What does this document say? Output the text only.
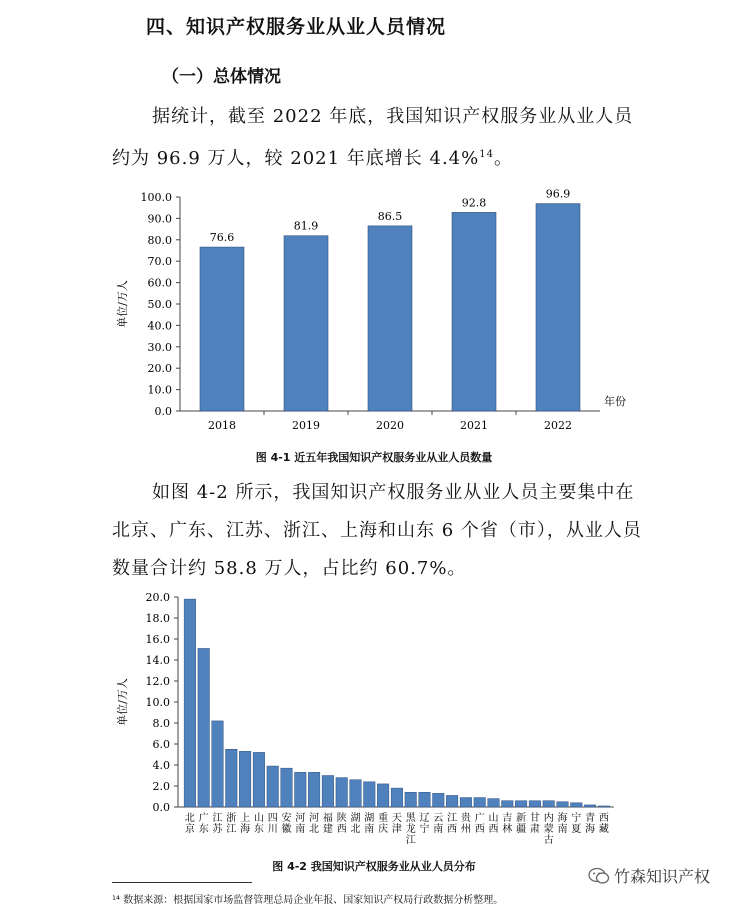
四、知识产权服务业从业人员情况
（一）总体情况
据统计，截至 2022 年底，我国知识产权服务业从业人员约为 96.9 万人，较 2021 年底增长 4.4%$^{14}$。
0.0
10.0
20.0
30.0
40.0
50.0
60.0
70.0
80.0
90.0
100.0
76.6
2018
81.9
2019
86.5
2020
92.8
2021
96.9
2022
年份
单位/万人
图 4-1 近五年我国知识产权服务业从业人员数量
如图 4-2 所示，我国知识产权服务业从业人员主要集中在北京、广东、江苏、浙江、上海和山东 6 个省（市），从业人员数量合计约 58.8 万人，占比约 60.7%。
0.0
2.0
4.0
6.0
8.0
10.0
12.0
14.0
16.0
18.0
20.0
北京
广东
江苏
浙江
上海
山东
四川
安徽
河南
河北
福建
陕西
湖北
湖南
重庆
天津
黑龙江
辽宁
云南
江西
贵州
广西
山西
吉林
新疆
甘肃
内蒙古
海南
宁夏
青海
西藏
单位/万人
图 4-2 我国知识产权服务业从业人员分布
¹⁴ 数据来源：根据国家市场监督管理总局企业年报、国家知识产权局行政数据分析整理。
竹森知识产权
